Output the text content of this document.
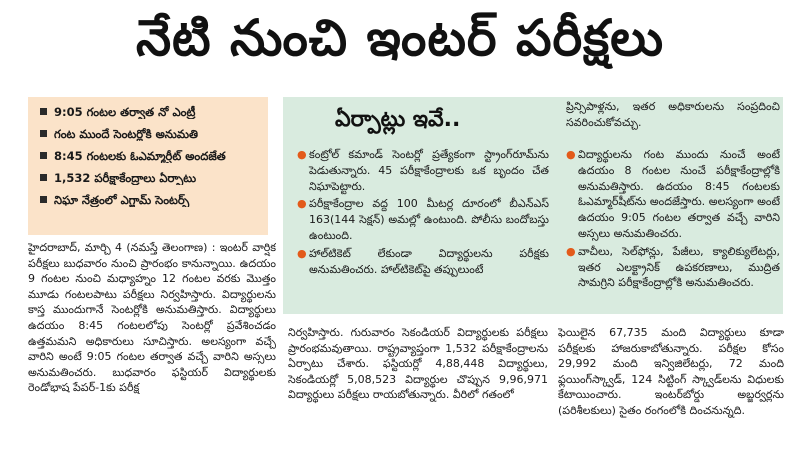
నేటి నుంచి ఇంటర్ పరీక్షలు
9:05 గంటల తర్వాత నో ఎంట్రీ
గంట ముందే సెంటర్లోకి అనుమతి
8:45 గంటలకు ఓఎమ్మార్షీట్ అందజేత
1,532 పరీక్షాకేంద్రాలు ఏర్పాటు
నిఘా నేత్రంలో ఎగ్జామ్ సెంటర్స్
హైదరాబాద్, మార్చి 4 (నమస్తే తెలంగాణ) : ఇంటర్ వార్షిక పరీక్షలు బుధవారం నుంచి ప్రారంభం కానున్నాయి. ఉదయం 9 గంటల నుంచి మధ్యాహ్నం 12 గంటల వరకు మొత్తం మూడు గంటలపాటు పరీక్షలు నిర్వహిస్తారు. విద్యార్థులను కాస్త ముందుగానే సెంటర్లోకి అనుమతిస్తారు. విద్యార్థులు ఉదయం 8:45 గంటలలోపు సెంటర్లో ప్రవేశించడం ఉత్తమమని అధికారులు సూచిస్తారు. అలస్యంగా వచ్చే వారిని అంటే 9:05 గంటల తర్వాత వచ్చే వారిని అస్సలు అనుమతించరు. బుధవారం ఫస్టియర్ విద్యార్థులకు రెండోభాష పేపర్-1కు పరీక్ష
ఏర్పాట్లు ఇవే..
● కంట్రోల్ కమాండ్ సెంటర్లో ప్రత్యేకంగా స్ట్రాంగ్‌రూమ్‌ను పెడుతున్నారు. 45 పరీక్షాకేంద్రాలకు ఒక బృందం చేత నిఘాపెట్టారు.
● పరీక్షాకేంద్రాల వద్ద 100 మీటర్ల దూరంలో బీఎన్ఎస్ 163(144 సెక్షన్) అమల్లో ఉంటుంది. పోలీసు బందోబస్తు ఉంటుంది.
● హాల్‌టికెట్ లేకుండా విద్యార్థులను పరీక్షకు అనుమతించరు. హాల్‌టికెట్‌పై తప్పులుంటే
ప్రిన్సిపాళ్లను, ఇతర అధికారులను సంప్రదించి సవరించుకోవచ్చు.
● విద్యార్థులను గంట ముందు నుంచే అంటే ఉదయం 8 గంటల నుంచే పరీక్షాకేంద్రాల్లోకి అనుమతిస్తారు. ఉదయం 8:45 గంటలకు ఓఎమ్మార్‌షీట్‌ను అందజేస్తారు. అలస్యంగా అంటే ఉదయం 9:05 గంటల తర్వాత వచ్చే వారిని అస్సలు అనుమతించరు.
● వాచీలు, సెల్‌ఫోన్లు, పేజీలు, క్యాలిక్యులేటర్లు, ఇతర ఎలక్ట్రానిక్ ఉపకరణాలు, ముద్రిత సామగ్రిని పరీక్షాకేంద్రాల్లోకి అనుమతించరు.
నిర్వహిస్తారు. గురువారం సెకండియర్ విద్యార్థులకు పరీక్షలు ప్రారంభమవుతాయి. రాష్ట్రవ్యాప్తంగా 1,532 పరీక్షాకేంద్రాలను ఏర్పాటు చేశారు. ఫస్టియర్లో 4,88,448 విద్యార్థులు, సెకండియర్లో 5,08,523 విద్యార్థుల చొప్పున 9,96,971 విద్యార్థులు పరీక్షలు రాయబోతున్నారు. వీరిలో గతంలో
ఫెయిలైన 67,735 మంది విద్యార్థులు కూడా పరీక్షలకు హాజరుకాబోతున్నారు. పరీక్షల కోసం 29,992 మంది ఇన్విజిలేటర్లు, 72 మంది ఫ్లయింగ్‌స్క్వాడ్, 124 సిట్టింగ్ స్క్వాడ్‌లను విధులకు కేటాయించారు. ఇంటర్‌బోర్డు అబ్జర్వర్లను (పరిశీలకులు) సైతం రంగంలోకి దించనున్నది.
